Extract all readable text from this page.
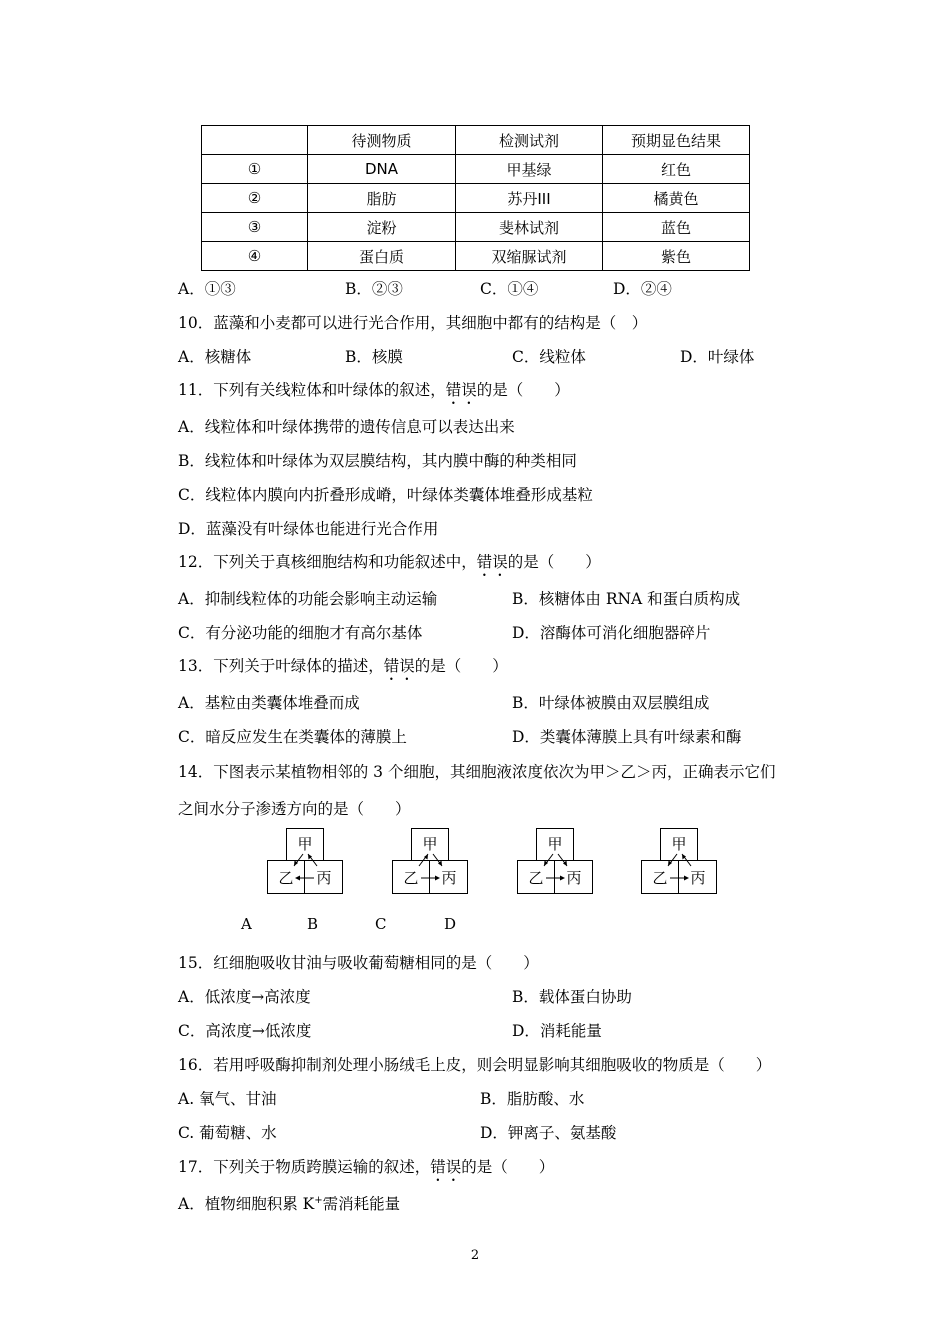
	待测物质	检测试剂	预期显色结果
①	DNA	甲基绿	红色
②	脂肪	苏丹III	橘黄色
③	淀粉	斐林试剂	蓝色
④	蛋白质	双缩脲试剂	紫色
A．①③	B．②③	C．①④	D．②④
10．蓝藻和小麦都可以进行光合作用，其细胞中都有的结构是（　）
A．核糖体	B．核膜	C．线粒体	D．叶绿体
11．下列有关线粒体和叶绿体的叙述，错误的是（　　）
A．线粒体和叶绿体携带的遗传信息可以表达出来
B．线粒体和叶绿体为双层膜结构，其内膜中酶的种类相同
C．线粒体内膜向内折叠形成嵴，叶绿体类囊体堆叠形成基粒
D．蓝藻没有叶绿体也能进行光合作用
12．下列关于真核细胞结构和功能叙述中，错误的是（　　）
A．抑制线粒体的功能会影响主动运输	B．核糖体由 RNA 和蛋白质构成
C．有分泌功能的细胞才有高尔基体	D．溶酶体可消化细胞器碎片
13．下列关于叶绿体的描述，错误的是（　　）
A．基粒由类囊体堆叠而成	B．叶绿体被膜由双层膜组成
C．暗反应发生在类囊体的薄膜上	D．类囊体薄膜上具有叶绿素和酶
14．下图表示某植物相邻的 3 个细胞，其细胞液浓度依次为甲＞乙＞丙，正确表示它们
之间水分子渗透方向的是（　　）
甲
乙 丙
甲
乙 丙
甲
乙 丙
甲
乙 丙
A	B	C	D
15．红细胞吸收甘油与吸收葡萄糖相同的是（　　）
A．低浓度→高浓度	B．载体蛋白协助
C．高浓度→低浓度	D．消耗能量
16．若用呼吸酶抑制剂处理小肠绒毛上皮，则会明显影响其细胞吸收的物质是（　　）
A. 氧气、甘油	B．脂肪酸、水
C. 葡萄糖、水	D．钾离子、氨基酸
17．下列关于物质跨膜运输的叙述，错误的是（　　）
A．植物细胞积累 K+需消耗能量
2
